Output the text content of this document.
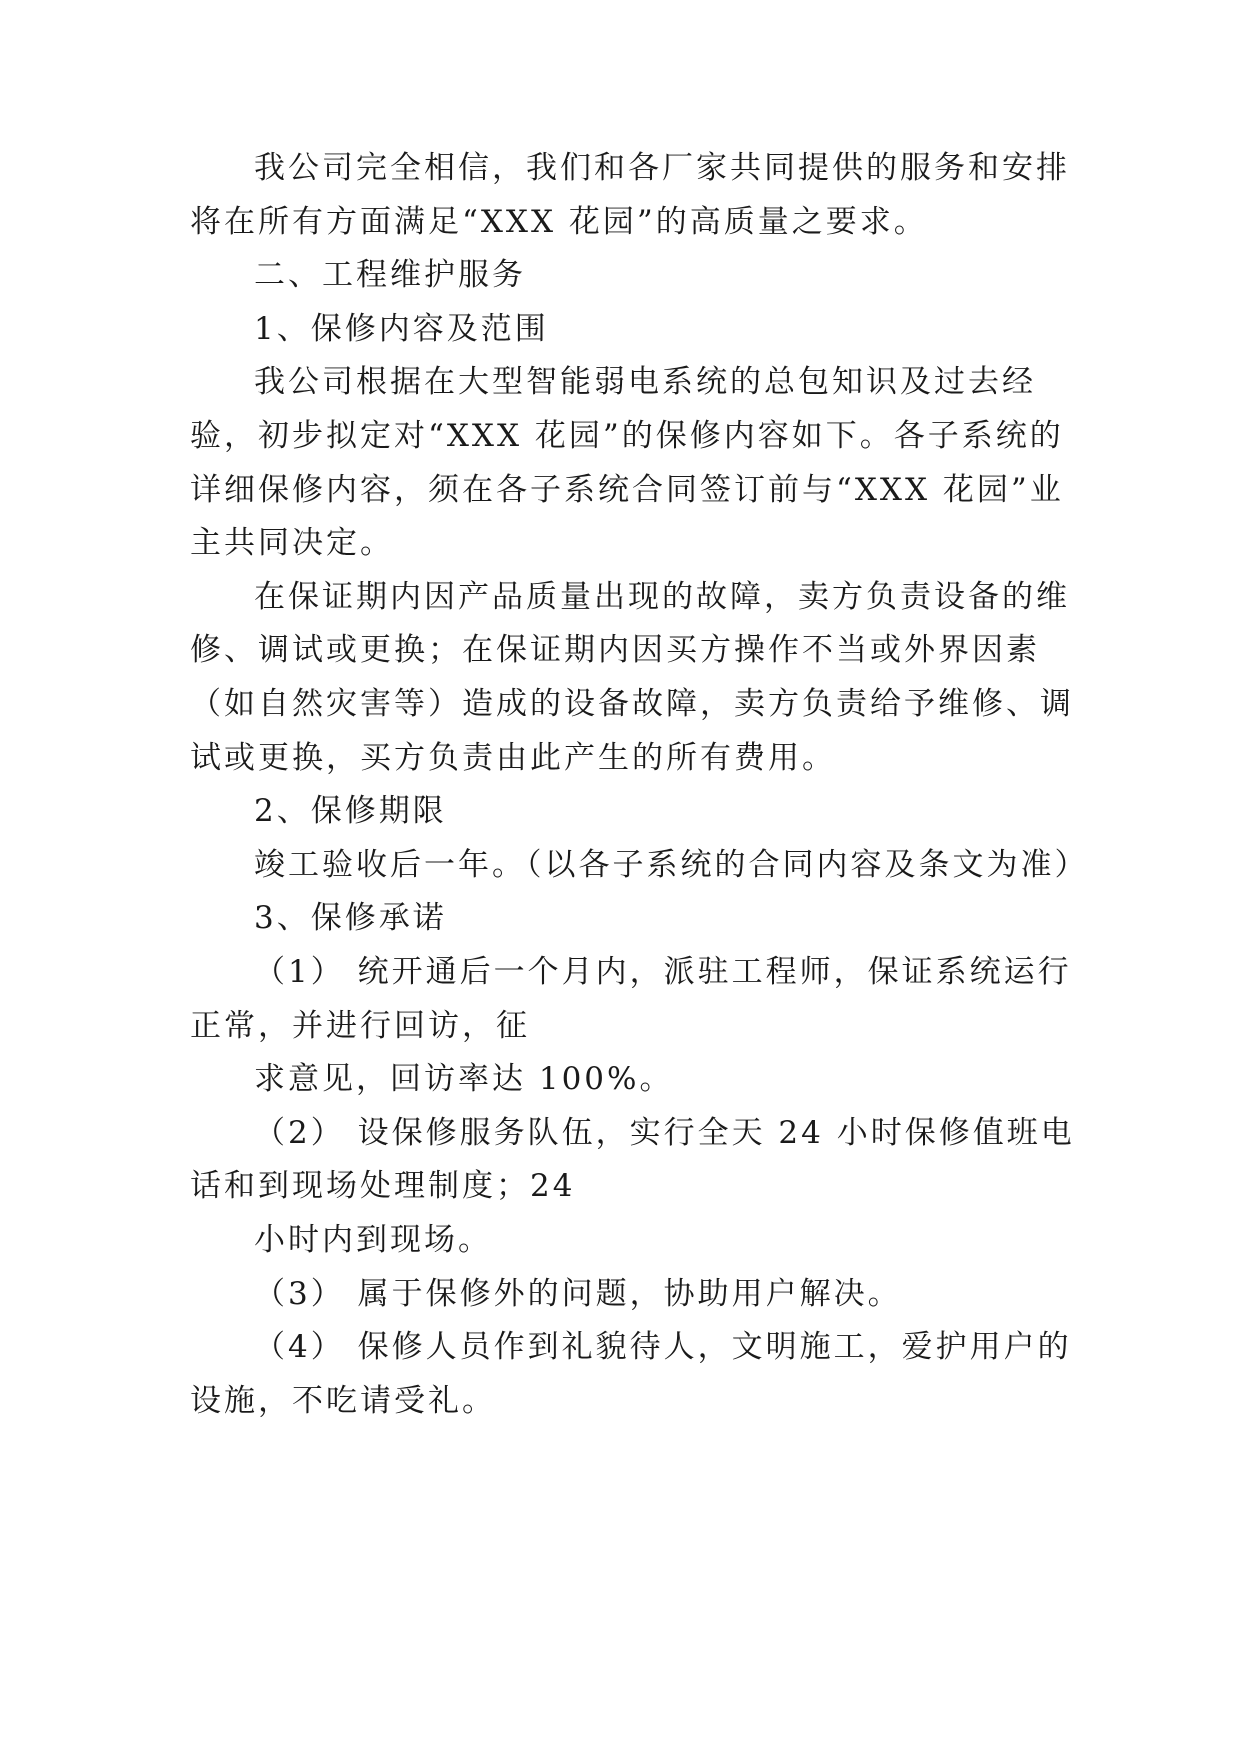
我公司完全相信，我们和各厂家共同提供的服务和安排
将在所有方面满足“XXX 花园”的高质量之要求。
二、工程维护服务
1、保修内容及范围
我公司根据在大型智能弱电系统的总包知识及过去经
验，初步拟定对“XXX 花园”的保修内容如下。各子系统的
详细保修内容，须在各子系统合同签订前与“XXX 花园”业
主共同决定。
在保证期内因产品质量出现的故障，卖方负责设备的维
修、调试或更换；在保证期内因买方操作不当或外界因素
（如自然灾害等）造成的设备故障，卖方负责给予维修、调
试或更换，买方负责由此产生的所有费用。
2、保修期限
竣工验收后一年。（以各子系统的合同内容及条文为准）
3、保修承诺
（1） 统开通后一个月内，派驻工程师，保证系统运行
正常，并进行回访，征
求意见，回访率达 100%。
（2） 设保修服务队伍，实行全天 24 小时保修值班电
话和到现场处理制度；24
小时内到现场。
（3） 属于保修外的问题，协助用户解决。
（4） 保修人员作到礼貌待人，文明施工，爱护用户的
设施，不吃请受礼。
